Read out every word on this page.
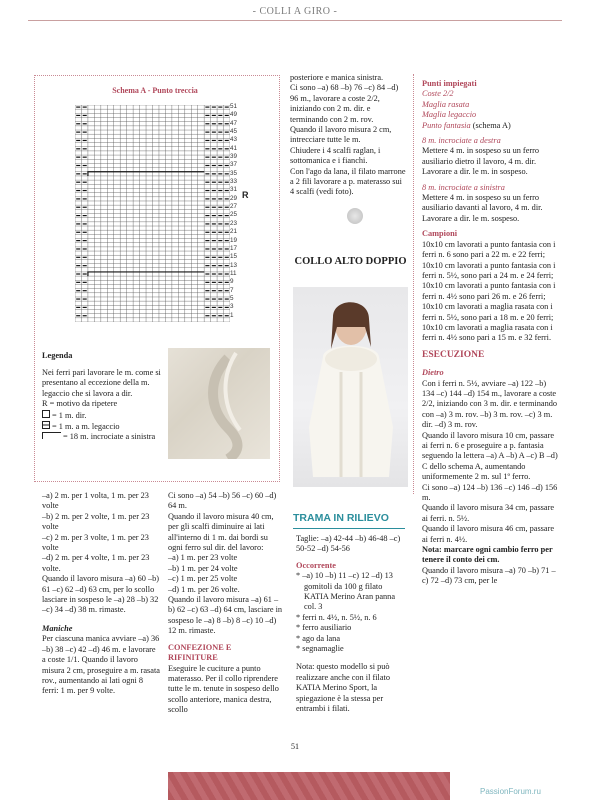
- COLLI A GIRO -
Schema A - Punto treccia
51
49
47
45
43
41
39
37
35
33
31
29
27
25
23
21
19
17
15
13
11
9
7
5
3
1
R
Legenda

Nei ferri pari lavorare le m. come si presentano al eccezione della m. legaccio che si lavora a dir.

R = motivo da ripetere

= 1 m. dir.

= 1 m. a m. legaccio

= 18 m. incrociate a sinistra

posteriore e manica sinistra.

Ci sono –a) 68 –b) 76 –c) 84 –d) 96 m., lavorare a coste 2/2, iniziando con 2 m. dir. e terminando con 2 m. rov.

Quando il lavoro misura 2 cm, intrecciare tutte le m.

Chiudere i 4 scalfi raglan, i sottomanica e i fianchi.

Con l'ago da lana, il filato marrone a 2 fili lavorare a p. materasso sui 4 scalfi (vedi foto).

COLLO ALTO DOPPIO

Punti impiegati

Coste 2/2

Maglia rasata

Maglia legaccio

Punto fantasia (schema A)

8 m. incrociate a destra

Mettere 4 m. in sospeso su un ferro ausiliario dietro il lavoro, 4 m. dir. Lavorare a dir. le m. in sospeso.

8 m. incrociate a sinistra

Mettere 4 m. in sospeso su un ferro ausiliario davanti al lavoro, 4 m. dir. Lavorare a dir. le m. sospeso.

Campioni

10x10 cm lavorati a punto fantasia con i ferri n. 6 sono pari a 22 m. e 22 ferri;

10x10 cm lavorati a punto fantasia con i ferri n. 5½, sono pari a 24 m. e 24 ferri;

10x10 cm lavorati a punto fantasia con i ferri n. 4½ sono pari 26 m. e 26 ferri;

10x10 cm lavorati a maglia rasata con i ferri n. 5½, sono pari a 18 m. e 20 ferri;

10x10 cm lavorati a maglia rasata con i ferri n. 4½ sono pari a 15 m. e 32 ferri.

ESECUZIONE

Dietro

Con i ferri n. 5½, avviare –a) 122 –b) 134 –c) 144 –d) 154 m., lavorare a coste 2/2, iniziando con 3 m. dir. e terminando con –a) 3 m. rov. –b) 3 m. rov. –c) 3 m. dir. –d) 3 m. rov.

Quando il lavoro misura 10 cm, passare ai ferri n. 6 e proseguire a p. fantasia seguendo la lettera –a) A –b) A –c) B –d) C dello schema A, aumentando uniformemente 2 m. sul 1º ferro.

Ci sono –a) 124 –b) 136 –c) 146 –d) 156 m.

Quando il lavoro misura 34 cm, passare ai ferri. n. 5½.

Quando il lavoro misura 46 cm, passare ai ferri n. 4½.

Nota: marcare ogni cambio ferro per tenere il conto dei cm.

Quando il lavoro misura –a) 70 –b) 71 –c) 72 –d) 73 cm, per le

–a) 2 m. per 1 volta, 1 m. per 23 volte

–b) 2 m. per 2 volte, 1 m. per 23 volte

–c) 2 m. per 3 volte, 1 m. per 23 volte

–d) 2 m. per 4 volte, 1 m. per 23 volte.

Quando il lavoro misura –a) 60 –b) 61 –c) 62 –d) 63 cm, per lo scollo lasciare in sospeso le –a) 28 –b) 32 –c) 34 –d) 38 m. rimaste.

Maniche

Per ciascuna manica avviare –a) 36 –b) 38 –c) 42 –d) 46 m. e lavorare a coste 1/1. Quando il lavoro misura 2 cm, proseguire a m. rasata rov., aumentando ai lati ogni 8 ferri: 1 m. per 9 volte.

Ci sono –a) 54 –b) 56 –c) 60 –d) 64 m.

Quando il lavoro misura 40 cm, per gli scalfi diminuire ai lati all'interno di 1 m. dai bordi su ogni ferro sul dir. del lavoro:

–a) 1 m. per 23 volte

–b) 1 m. per 24 volte

–c) 1 m. per 25 volte

–d) 1 m. per 26 volte.

Quando il lavoro misura –a) 61 –b) 62 –c) 63 –d) 64 cm, lasciare in sospeso le –a) 8 –b) 8 –c) 10 –d) 12 m. rimaste.

CONFEZIONE E RIFINITURE

Eseguire le cuciture a punto materasso. Per il collo riprendere tutte le m. tenute in sospeso dello scollo anteriore, manica destra, scollo

TRAMA IN RILIEVO

Taglie: –a) 42-44 –b) 46-48 –c) 50-52 –d) 54-56

Occorrente

* –a) 10 –b) 11 –c) 12 –d) 13 gomitoli da 100 g filato KATIA Merino Aran panna col. 3

* ferri n. 4½, n. 5½, n. 6

* ferro ausiliario

* ago da lana

* segnamaglie

Nota: questo modello si può realizzare anche con il filato KATIA Merino Sport, la spiegazione è la stessa per entrambi i filati.

51
PassionForum.ru
